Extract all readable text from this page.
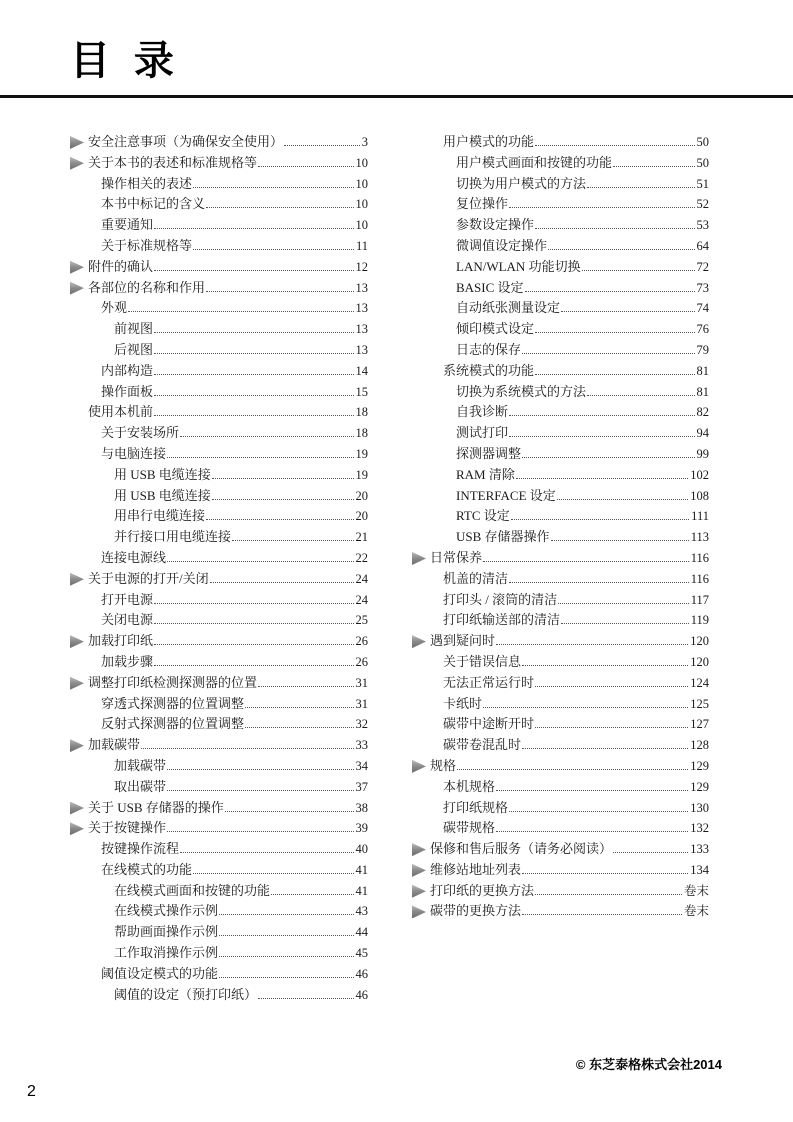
目 录
安全注意事项（为确保安全使用）	3
关于本书的表述和标准规格等	10
操作相关的表述	10
本书中标记的含义	10
重要通知	10
关于标准规格等	11
附件的确认	12
各部位的名称和作用	13
外观	13
前视图	13
后视图	13
内部构造	14
操作面板	15
使用本机前	18
关于安装场所	18
与电脑连接	19
用 USB 电缆连接	19
用 USB 电缆连接	20
用串行电缆连接	20
并行接口用电缆连接	21
连接电源线	22
关于电源的打开/关闭	24
打开电源	24
关闭电源	25
加载打印纸	26
加载步骤	26
调整打印纸检测探测器的位置	31
穿透式探测器的位置调整	31
反射式探测器的位置调整	32
加载碳带	33
加载碳带	34
取出碳带	37
关于 USB 存储器的操作	38
关于按键操作	39
按键操作流程	40
在线模式的功能	41
在线模式画面和按键的功能	41
在线模式操作示例	43
帮助画面操作示例	44
工作取消操作示例	45
阈值设定模式的功能	46
阈值的设定（预打印纸）	46
用户模式的功能	50
用户模式画面和按键的功能	50
切换为用户模式的方法	51
复位操作	52
参数设定操作	53
微调值设定操作	64
LAN/WLAN 功能切换	72
BASIC 设定	73
自动纸张测量设定	74
倾印模式设定	76
日志的保存	79
系统模式的功能	81
切换为系统模式的方法	81
自我诊断	82
测试打印	94
探测器调整	99
RAM 清除	102
INTERFACE 设定	108
RTC 设定	111
USB 存储器操作	113
日常保养	116
机盖的清洁	116
打印头 / 滚筒的清洁	117
打印纸输送部的清洁	119
遇到疑问时	120
关于错误信息	120
无法正常运行时	124
卡纸时	125
碳带中途断开时	127
碳带卷混乱时	128
规格	129
本机规格	129
打印纸规格	130
碳带规格	132
保修和售后服务（请务必阅读）	133
维修站地址列表	134
打印纸的更换方法	卷末
碳带的更换方法	卷末
© 东芝泰格株式会社2014
2
